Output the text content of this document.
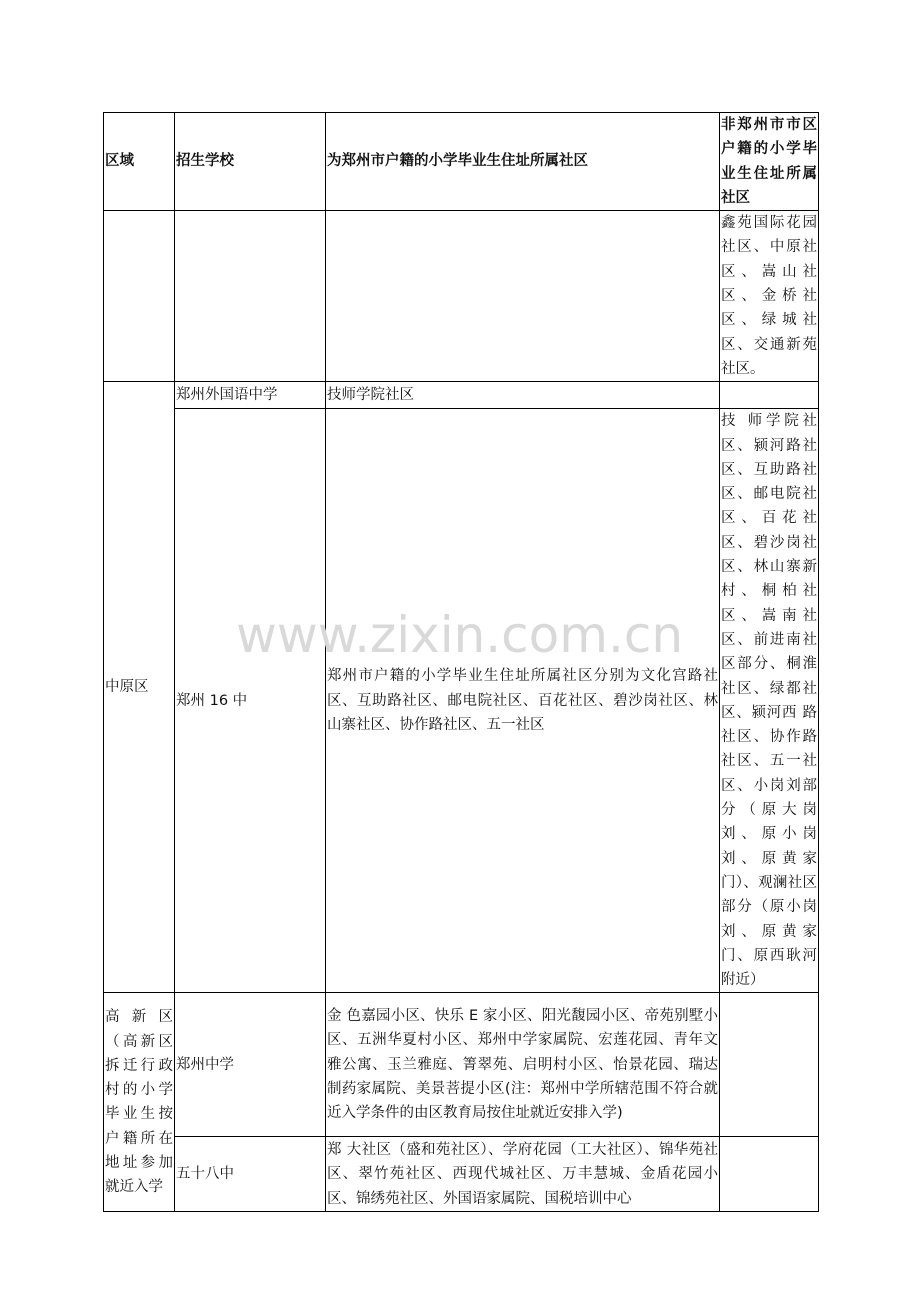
区域	招生学校	为郑州市户籍的小学毕业生住址所属社区	非郑州市市区户籍的小学毕业生住址所属社区
			鑫苑国际花园社区、中原社区、嵩山社区、金桥社区、绿城社区、交通新苑社区。
中原区	郑州外国语中学	技师学院社区	
	郑州 16 中	郑州市户籍的小学毕业生住址所属社区分别为文化宫路社区、互助路社区、邮电院社区、百花社区、碧沙岗社区、林山寨社区、协作路社区、五一社区	技 师学院社区、颍河路社区、互助路社区、邮电院社区、百花社区、碧沙岗社区、林山寨新村、桐柏社区、嵩南社区、前进南社区部分、桐淮社区、绿都社区、颍河西 路社区、协作路社区、五一社区、小岗刘部分（原大岗刘、原小岗刘、原黄家门）、观澜社区部分（原小岗刘、原黄家门、原西耿河附近）
高新区（高新区拆迁行政村的小学毕业生按户籍所在地址参加就近入学	郑州中学	金 色嘉园小区、快乐 E 家小区、阳光馥园小区、帝苑别墅小区、五洲华夏村小区、郑州中学家属院、宏莲花园、青年文雅公寓、玉兰雅庭、箐翠苑、启明村小区、怡景花园、瑞达制药家属院、美景菩提小区(注：郑州中学所辖范围不符合就近入学条件的由区教育局按住址就近安排入学)	
	五十八中	郑 大社区（盛和苑社区）、学府花园（工大社区）、锦华苑社区、翠竹苑社区、西现代城社区、万丰慧城、金盾花园小区、锦绣苑社区、外国语家属院、国税培训中心	
www.zixin.com.cn
